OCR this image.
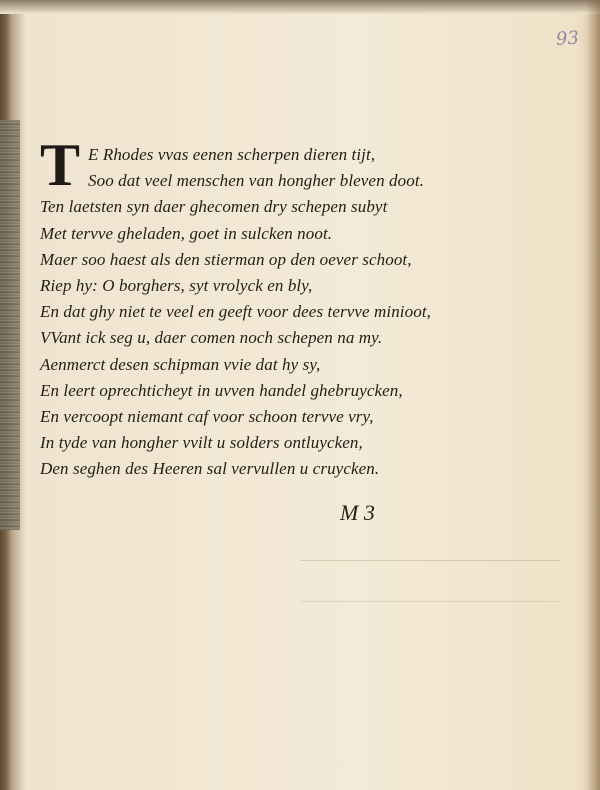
93
T E Rhodes vvas eenen scherpen dieren tijt,
Soo dat veel menschen van hongher bleven doot.
Ten laetsten syn daer ghecomen dry schepen subyt
Met tervve gheladen, goet in sulcken noot.
Maer soo haest als den stierman op den oever schoot,
Riep hy: O borghers, syt vrolyck en bly,
En dat ghy niet te veel en geeft voor dees tervve minioot,
VVant ick seg u, daer comen noch schepen na my.
Aenmerct desen schipman vvie dat hy sy,
En leert oprechticheyt in uvven handel ghebruycken,
En vercoopt niemant caf voor schoon tervve vry,
In tyde van hongher vvilt u solders ontluycken,
Den seghen des Heeren sal vervullen u cruycken.
M 3
